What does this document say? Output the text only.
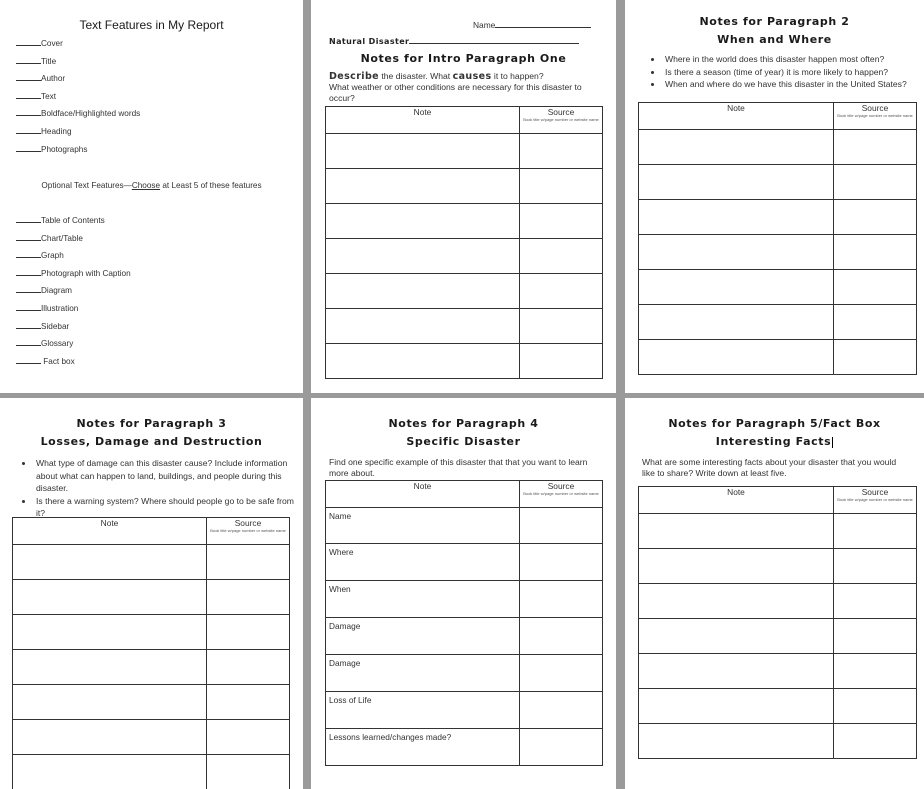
Text Features in My Report
Cover
Title
Author
Text
Boldface/Highlighted words
Heading
Photographs
Optional Text Features—Choose at Least 5 of these features
Table of Contents
Chart/Table
Graph
Photograph with Caption
Diagram
Illustration
Sidebar
Glossary
Fact box
Name
Natural Disaster
Notes for Intro Paragraph One
Describe the disaster. What causes it to happen?
What weather or other conditions are necessary for this disaster to occur?
Note	Source
Book title w/page number or website name

Notes for Paragraph 2
When and Where
• Where in the world does this disaster happen most often?
• Is there a season (time of year) it is more likely to happen?
• When and where do we have this disaster in the United States?
Note	Source
Book title w/page number or website name

Notes for Paragraph 3
Losses, Damage and Destruction
• What type of damage can this disaster cause? Include information about what can happen to land, buildings, and people during this disaster.
• Is there a warning system? Where should people go to be safe from it?
Note	Source
Book title w/page number or website name

Notes for Paragraph 4
Specific Disaster
Find one specific example of this disaster that that you want to learn more about.
Note	Source
Book title w/page number or website name

Name	

Where	

When	

Damage	

Damage	

Loss of Life	

Lessons learned/changes made?	

Notes for Paragraph 5/Fact Box
Interesting Facts
What are some interesting facts about your disaster that you would like to share? Write down at least five.
Note	Source
Book title w/page number or website name
